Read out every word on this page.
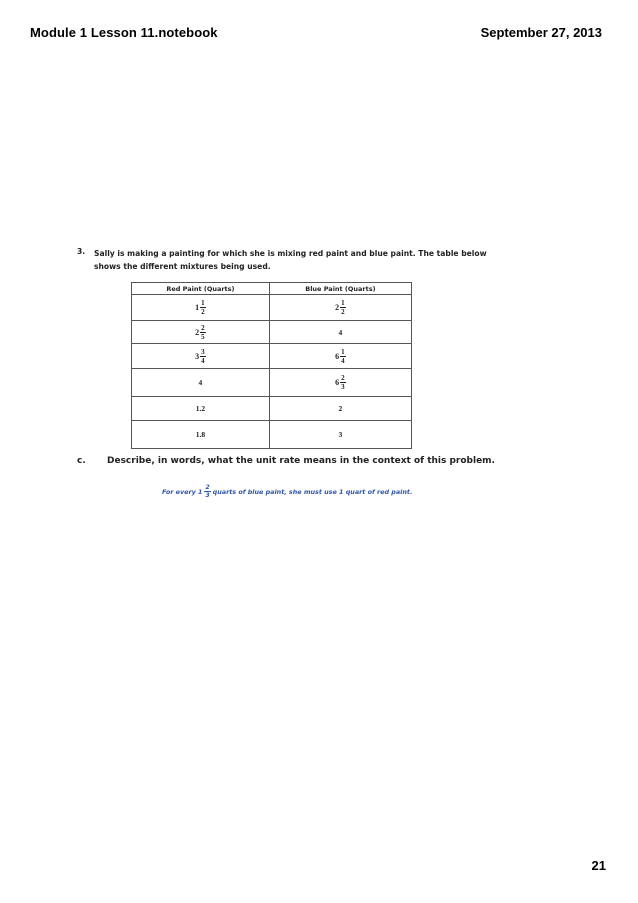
Module 1 Lesson 11.notebook	September 27, 2013
3. Sally is making a painting for which she is mixing red paint and blue paint. The table below shows the different mixtures being used.
Red Paint (Quarts)	Blue Paint (Quarts)

$1 \frac{1}{2}$	$2 \frac{1}{2}$

$2 \frac{2}{5}$	4

$3 \frac{3}{4}$	$6 \frac{1}{4}$

4	$6 \frac{2}{3}$

1.2	2
1.8	3
c. Describe, in words, what the unit rate means in the context of this problem.
For every $1 \frac{2}{3}$ quarts of blue paint, she must use 1 quart of red paint.
21
